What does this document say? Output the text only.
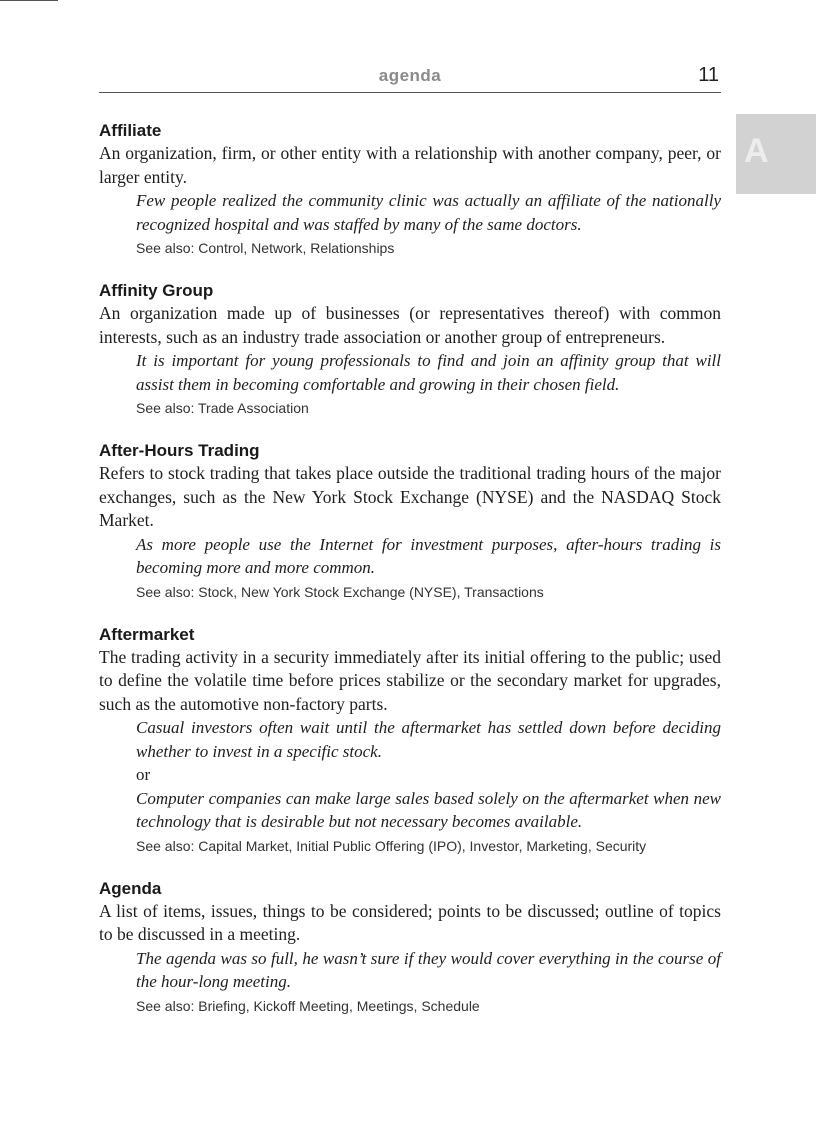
agenda	11
A
Affiliate

An organization, firm, or other entity with a relationship with another company, peer, or larger entity.

Few people realized the community clinic was actually an affiliate of the nationally recognized hospital and was staffed by many of the same doctors.

See also: Control, Network, Relationships
Affinity Group

An organization made up of businesses (or representatives thereof) with common interests, such as an industry trade association or another group of entrepreneurs.

It is important for young professionals to find and join an affinity group that will assist them in becoming comfortable and growing in their chosen field.

See also: Trade Association
After-Hours Trading

Refers to stock trading that takes place outside the traditional trading hours of the major exchanges, such as the New York Stock Exchange (NYSE) and the NASDAQ Stock Market.

As more people use the Internet for investment purposes, after-hours trading is becoming more and more common.

See also: Stock, New York Stock Exchange (NYSE), Transactions
Aftermarket

The trading activity in a security immediately after its initial offering to the public; used to define the volatile time before prices stabilize or the secondary market for upgrades, such as the automotive non-factory parts.

Casual investors often wait until the aftermarket has settled down before deciding whether to invest in a specific stock.

or

Computer companies can make large sales based solely on the aftermarket when new technology that is desirable but not necessary becomes available.

See also: Capital Market, Initial Public Offering (IPO), Investor, Marketing, Security
Agenda

A list of items, issues, things to be considered; points to be discussed; outline of topics to be discussed in a meeting.

The agenda was so full, he wasn’t sure if they would cover everything in the course of the hour-long meeting.

See also: Briefing, Kickoff Meeting, Meetings, Schedule
